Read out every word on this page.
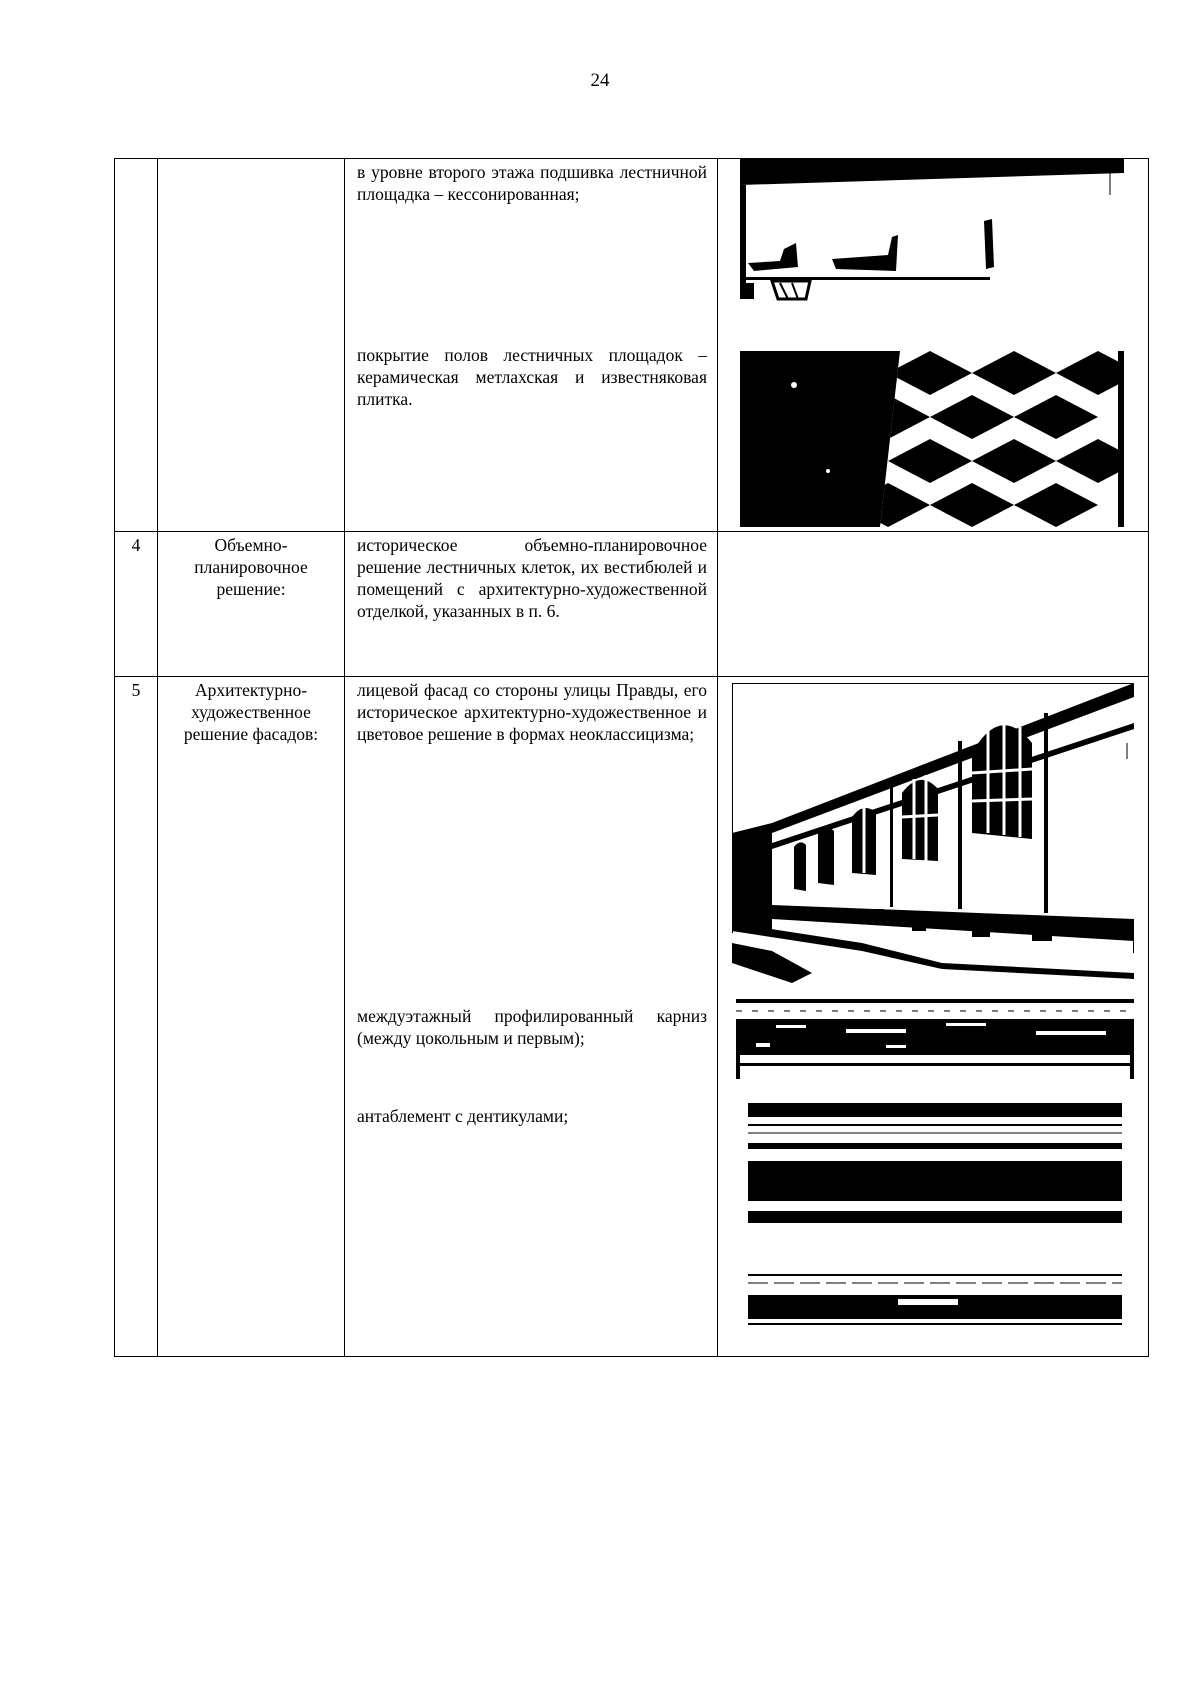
24

		в уровне второго этажа подшивка лестничной площадка – кессонированная;
покрытие полов лестничных площадок – керамическая метлахская и известняковая плитка.

4	Объемно-планировочное решение:	историческое объемно-планировочное решение лестничных клеток, их вестибюлей и помещений с архитектурно-художественной отделкой, указанных в п. 6.	

5	Архитектурно-художественное решение фасадов:	лицевой фасад со стороны улицы Правды, его историческое архитектурно-художественное и цветовое решение в формах неоклассицизма;
междуэтажный профилированный карниз (между цокольным и первым);
антаблемент с дентикулами;
